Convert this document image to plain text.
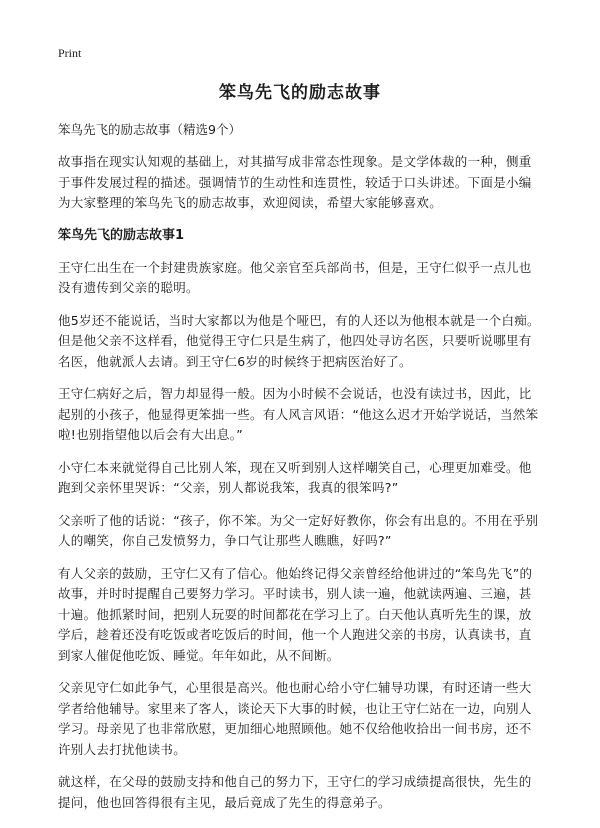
Print
笨鸟先飞的励志故事

笨鸟先飞的励志故事（精选9个）

故事指在现实认知观的基础上，对其描写成非常态性现象。是文学体裁的一种，侧重于事件发展过程的描述。强调情节的生动性和连贯性，较适于口头讲述。下面是小编为大家整理的笨鸟先飞的励志故事，欢迎阅读，希望大家能够喜欢。

笨鸟先飞的励志故事1

王守仁出生在一个封建贵族家庭。他父亲官至兵部尚书，但是，王守仁似乎一点儿也没有遗传到父亲的聪明。

他5岁还不能说话，当时大家都以为他是个哑巴，有的人还以为他根本就是一个白痴。但是他父亲不这样看，他觉得王守仁只是生病了，他四处寻访名医，只要听说哪里有名医，他就派人去请。到王守仁6岁的时候终于把病医治好了。

王守仁病好之后，智力却显得一般。因为小时候不会说话，也没有读过书，因此，比起别的小孩子，他显得更笨拙一些。有人风言风语：“他这么迟才开始学说话，当然笨啦!也别指望他以后会有大出息。”

小守仁本来就觉得自己比别人笨，现在又听到别人这样嘲笑自己，心理更加难受。他跑到父亲怀里哭诉：“父亲，别人都说我笨，我真的很笨吗?”

父亲听了他的话说：“孩子，你不笨。为父一定好好教你，你会有出息的。不用在乎别人的嘲笑，你自己发愤努力，争口气让那些人瞧瞧，好吗?”

有人父亲的鼓励，王守仁又有了信心。他始终记得父亲曾经给他讲过的“笨鸟先飞”的故事，并时时提醒自己要努力学习。平时读书，别人读一遍，他就读两遍、三遍，甚十遍。他抓紧时间，把别人玩耍的时间都花在学习上了。白天他认真听先生的课，放学后，趁着还没有吃饭或者吃饭后的时间，他一个人跑进父亲的书房，认真读书，直到家人催促他吃饭、睡觉。年年如此，从不间断。

父亲见守仁如此争气，心里很是高兴。他也耐心给小守仁辅导功课，有时还请一些大学者给他辅导。家里来了客人，谈论天下大事的时候，也让王守仁站在一边，向别人学习。母亲见了也非常欣慰，更加细心地照顾他。她不仅给他收拾出一间书房，还不许别人去打扰他读书。

就这样，在父母的鼓励支持和他自己的努力下，王守仁的学习成绩提高很快，先生的提问，他也回答得很有主见，最后竟成了先生的得意弟子。
